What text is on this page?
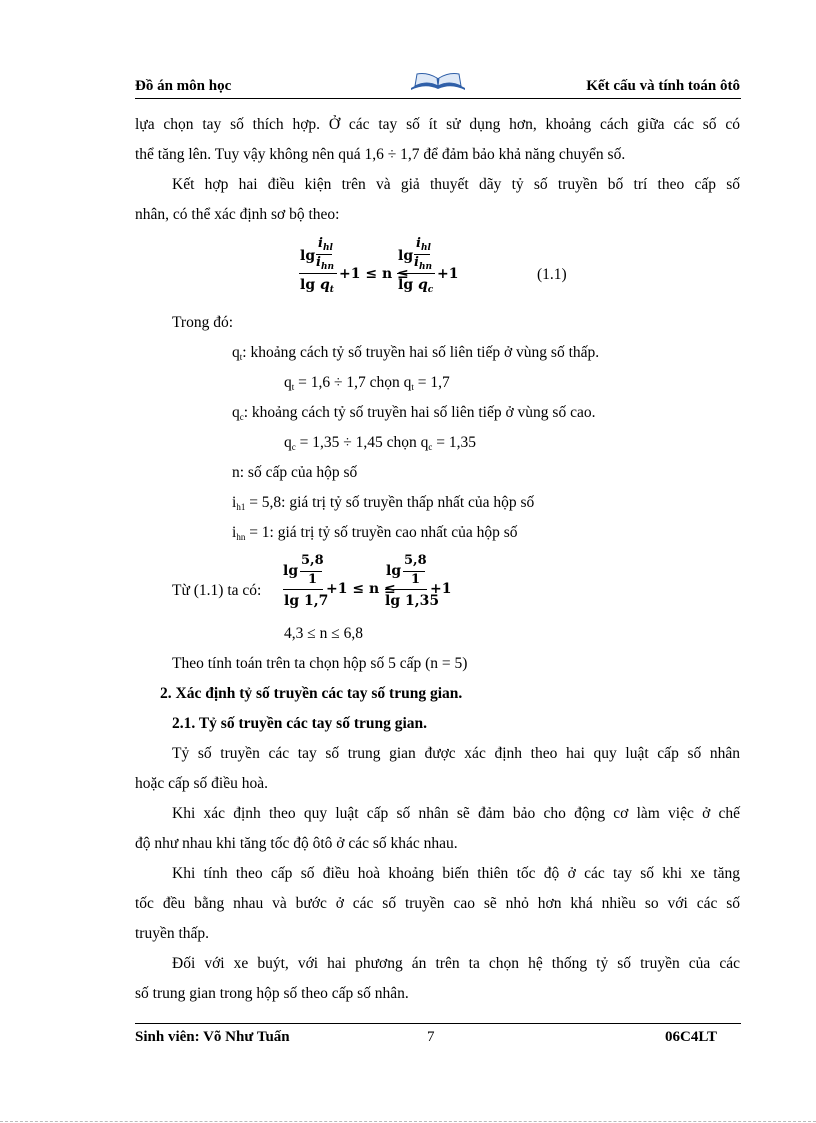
Đồ án môn học	Kết cấu và tính toán ôtô
lựa chọn tay số thích hợp. Ở các tay số ít sử dụng hơn, khoảng cách giữa các số có
thể tăng lên. Tuy vậy không nên quá 1,6 ÷ 1,7 để đảm bảo khả năng chuyển số.
Kết hợp hai điều kiện trên và giả thuyết dãy tỷ số truyền bố trí theo cấp số
nhân, có thể xác định sơ bộ theo:
lg
$i_{hl}$
$i_{hn}$
$\lg q_t$
+1 ≤ n ≤
lg
$i_{hl}$
$i_{hn}$
$\lg q_c$
+1	(1.1)
Trong đó:
$q_t$: khoảng cách tỷ số truyền hai số liên tiếp ở vùng số thấp.
$q_t = 1,6 \div 1,7$ chọn $q_t = 1,7$
$q_c$: khoảng cách tỷ số truyền hai số liên tiếp ở vùng số cao.
$q_c = 1,35 \div 1,45$ chọn $q_c = 1,35$
n: số cấp của hộp số
$i_{h1} = 5,8$: giá trị tỷ số truyền thấp nhất của hộp số
$i_{hn} = 1$: giá trị tỷ số truyền cao nhất của hộp số
Từ (1.1) ta có:
lg
5,8
1
lg 1,7
+1 ≤ n ≤
lg
5,8
1
lg 1,35
+1
4,3 ≤ n ≤ 6,8
Theo tính toán trên ta chọn hộp số 5 cấp (n = 5)
2. Xác định tỷ số truyền các tay số trung gian.
2.1. Tỷ số truyền các tay số trung gian.
Tỷ số truyền các tay số trung gian được xác định theo hai quy luật cấp số nhân
hoặc cấp số điều hoà.
Khi xác định theo quy luật cấp số nhân sẽ đảm bảo cho động cơ làm việc ở chế
độ như nhau khi tăng tốc độ ôtô ở các số khác nhau.
Khi tính theo cấp số điều hoà khoảng biến thiên tốc độ ở các tay số khi xe tăng
tốc đều bằng nhau và bước ở các số truyền cao sẽ nhỏ hơn khá nhiều so với các số
truyền thấp.
Đối với xe buýt, với hai phương án trên ta chọn hệ thống tỷ số truyền của các
số trung gian trong hộp số theo cấp số nhân.
Sinh viên: Võ Như Tuấn	7	06C4LT
